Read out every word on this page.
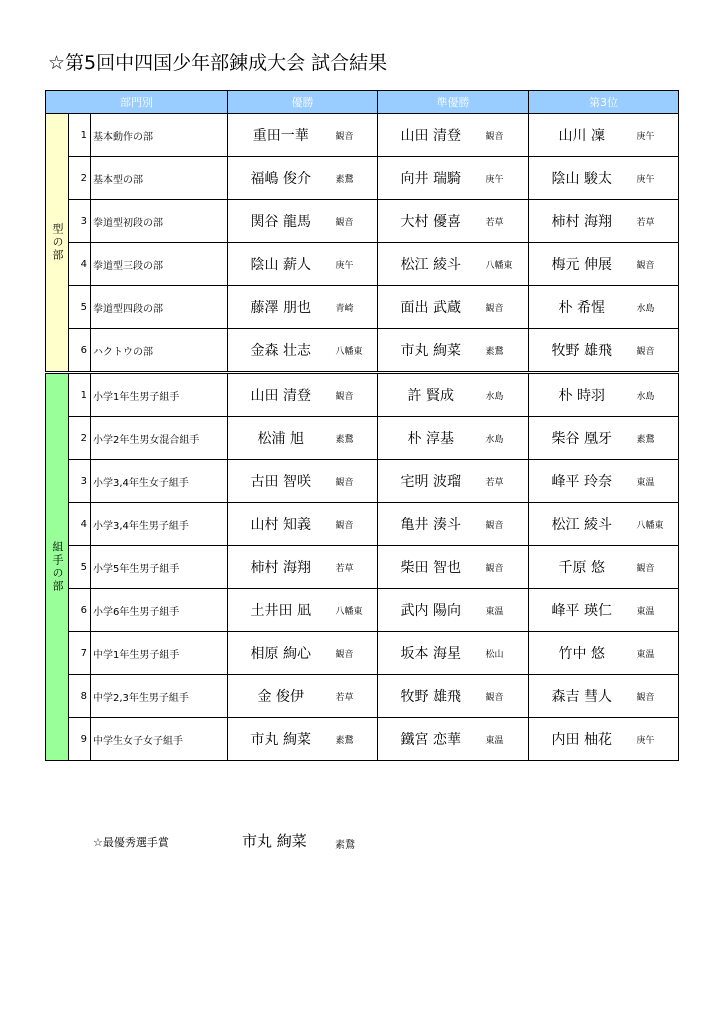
☆第5回中四国少年部錬成大会 試合結果
部門別			優勝		準優勝		第3位	
型の部	1	基本動作の部	重田一華	観音	山田 清登	観音	山川 凜	庚午
	2	基本型の部	福嶋 俊介	素鵞	向井 瑞騎	庚午	陰山 駿太	庚午
	3	拳道型初段の部	関谷 龍馬	観音	大村 優喜	若草	柿村 海翔	若草
	4	拳道型三段の部	陰山 薪人	庚午	松江 綾斗	八幡東	梅元 伸展	観音
	5	拳道型四段の部	藤澤 朋也	青崎	面出 武蔵	観音	朴 希惺	水島
	6	ハクトウの部	金森 壮志	八幡東	市丸 絢菜	素鵞	牧野 雄飛	観音
組手の部	1	小学1年生男子組手	山田 清登	観音	許 賢成	水島	朴 時羽	水島
	2	小学2年生男女混合組手	松浦 旭	素鵞	朴 淳基	水島	柴谷 凰牙	素鵞
	3	小学3,4年生女子組手	古田 智咲	観音	宅明 波瑠	若草	峰平 玲奈	東温
	4	小学3,4年生男子組手	山村 知義	観音	亀井 湊斗	観音	松江 綾斗	八幡東
	5	小学5年生男子組手	柿村 海翔	若草	柴田 智也	観音	千原 悠	観音
	6	小学6年生男子組手	土井田 凪	八幡東	武内 陽向	東温	峰平 瑛仁	東温
	7	中学1年生男子組手	相原 絢心	観音	坂本 海星	松山	竹中 悠	東温
	8	中学2,3年生男子組手	金 俊伊	若草	牧野 雄飛	観音	森吉 彗人	観音
	9	中学生女子女子組手	市丸 絢菜	素鵞	鐵宮 恋華	東温	内田 柚花	庚午
☆最優秀選手賞	市丸 絢菜	素鵞
